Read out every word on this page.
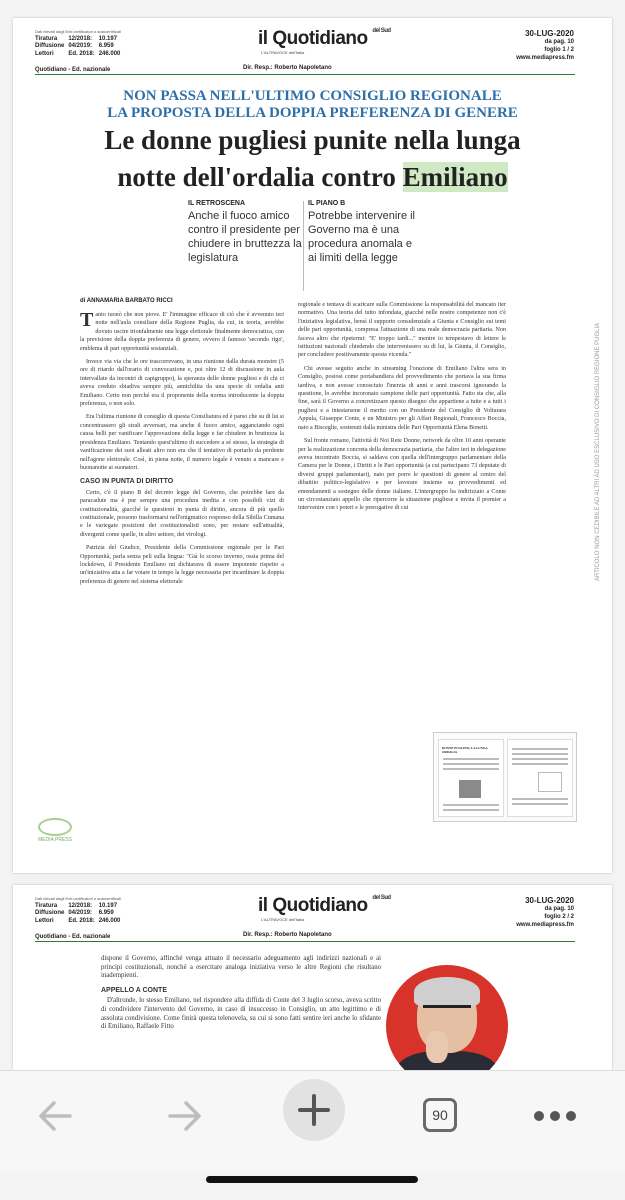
Dati rilevati dagli Enti certificatori o autocertificati
Tiratura	12/2018:	10.197
Diffusione	04/2019:	6.959
Lettori	Ed. 2018:	246.000
Quotidiano - Ed. nazionale
il Quotidiano $^{del Sud}$
L'ALTRAVOCE dell'Italia
Dir. Resp.: Roberto Napoletano
30-LUG-2020
da pag. 10
foglio 1 / 2
www.mediapress.fm
NON PASSA NELL'ULTIMO CONSIGLIO REGIONALE
LA PROPOSTA DELLA DOPPIA PREFERENZA DI GENERE
Le donne pugliesi punite nella lunga
notte dell'ordalia contro Emiliano
IL RETROSCENA
Anche il fuoco amico contro il presidente per chiudere in bruttezza la legislatura
IL PIANO B
Potrebbe intervenire il Governo ma è una procedura anomala e ai limiti della legge
di ANNAMARIA BARBATO RICCI

Tanto tuonò che non piove. E' l'immagine efficace di ciò che è avvenuto ieri notte nell'aula consiliare della Regione Puglia, da cui, in teoria, avrebbe dovuto uscire trionfalmente una legge elettorale finalmente democratica, con la previsione della doppia preferenza di genere, ovvero il famoso 'secondo rigo', emblema di pari opportunità sostanziali.

Invece via via che le ore trascorrevano, in una riunione dalla durata monstre (5 ore di ritardo dall'orario di convocazione e, poi oltre 12 di discussione in aula intervallate da incontri di capigruppo), la speranza delle donne pugliesi e di chi ci aveva creduto sbiadiva sempre più, annichilita da una specie di ordalia anti Emiliano. Certo non perché era il proponente della norma introducente la doppia preferenza, o non solo.

Era l'ultima riunione di consiglio di questa Consiliatura ed è parso che su di lui si concentrassero gli strali avversari, ma anche il fuoco amico, agganciando ogni causa belli per vanificare l'approvazione della legge e far chiudere in bruttezza la presidenza Emiliano. Tentando quest'ultimo di succedere a sé stesso, la strategia di vanificazione dei suoi alleati altro non era che il tentativo di portarlo da perdente nell'agone elettorale. Così, in piena notte, il numero legale è venuto a mancare e buonanotte ai suonatori.

CASO IN PUNTA DI DIRITTO

Certo, c'è il piano B del decreto legge del Governo, che potrebbe fare da paracadute ma è pur sempre una procedura inedita e con possibili vizi di costituzionalità, giacché le questioni in punta di diritto, ancora di più quello costituzionale, possono trasformarsi nell'enigmatico responso della Sibilla Cumana e le variegate posizioni dei costituzionalisti sono, per restare sull'attualità, divergenti come quelle, in altro settore, dei virologi.

Patrizia del Giudice, Presidente della Commissione regionale per le Pari Opportunità, parla senza peli sulla lingua: "Già lo scorso inverno, ossia prima del lockdown, il Presidente Emiliano mi dichiarava di essere impotente rispetto a un'iniziativa atta a far votare in tempo la legge necessaria per incardinare la doppia preferenza di genere nel sistema elettorale

regionale e tentava di scaricare sulla Commissione la responsabilità del mancato iter normativo. Una teoria del tutto infondata, giacché nelle nostre competenze non c'è l'iniziativa legislativa, bensì il supporto consulenziale a Giunta e Consiglio sui temi delle pari opportunità, compresa l'attuazione di una reale democrazia paritaria. Non faceva altro che ripetermi: "E' troppo tardi..." mentre io tempestavo di lettere le istituzioni nazionali chiedendo che intervenissero su di lui, la Giunta, il Consiglio, per concludere positivamente questa vicenda."

Chi avesse seguito anche in streaming l'orazione di Emiliano l'altra sera in Consiglio, postosi come portabandiera del provvedimento che portava la sua firma tardiva, e non avesse conosciuto l'inerzia di anni e anni trascorsi ignorando la questione, lo avrebbe incoronato campione delle pari opportunità. Fatto sta che, alla fine, sarà il Governo a concretizzare questo disegno che appartiene a tutte e a tutti i pugliesi e a intestarsene il merito con un Presidente del Consiglio di Volturara Appula, Giuseppe Conte, e un Ministro per gli Affari Regionali, Francesco Boccia, nato a Bisceglie, sostenuti dalla ministra delle Pari Opportunità Elena Bonetti.

Sul fronte romano, l'attività di Noi Rete Donne, network da oltre 10 anni operante per la realizzazione concreta della democrazia paritaria, che l'altro ieri in delegazione aveva incontrato Boccia, si saldava con quella dell'intergruppo parlamentare della Camera per le Donne, i Diritti e le Pari opportunità (a cui partecipano 73 deputate di diversi gruppi parlamentari), nato per porre le questioni di genere al centro del dibattito politico-legislativo e per lavorare insieme su provvedimenti ed emendamenti a sostegno delle donne italiane. L'intergruppo ha indirizzato a Conte un circostanziato appello che ripercorre la situazione pugliese e invita il premier a intervenire con i poteri e le prerogative di cui	ARTICOLO NON CEDIBILE AD ALTRI AD USO ESCLUSIVO DI CONSIGLIO REGIONE PUGLIA
DONNE PUGLIESI, LA LUNGA ORDALIA
MEDIA PRESS
Dati rilevati dagli Enti certificatori o autocertificati
Tiratura	12/2018:	10.197
Diffusione	04/2019:	6.959
Lettori	Ed. 2018:	246.000
Quotidiano - Ed. nazionale
il Quotidiano $^{del Sud}$
L'ALTRAVOCE dell'Italia
Dir. Resp.: Roberto Napoletano
30-LUG-2020
da pag. 10
foglio 2 / 2
www.mediapress.fm

dispone il Governo, affinché venga attuato il necessario adeguamento agli indirizzi nazionali e ai principi costituzionali, nonché a esercitare analoga iniziativa verso le altre Regioni che risultano inadempienti.

APPELLO A CONTE

D'altronde, lo stesso Emiliano, nel rispondere alla diffida di Conte del 3 luglio scorso, aveva scritto di condividere l'intervento del Governo, in caso di insuccesso in Consiglio, un atto legittimo e di assoluta condivisione. Come finirà questa telenovela, su cui si sono fatti sentire ieri anche lo sfidante di Emiliano, Raffaele Fitto

90
